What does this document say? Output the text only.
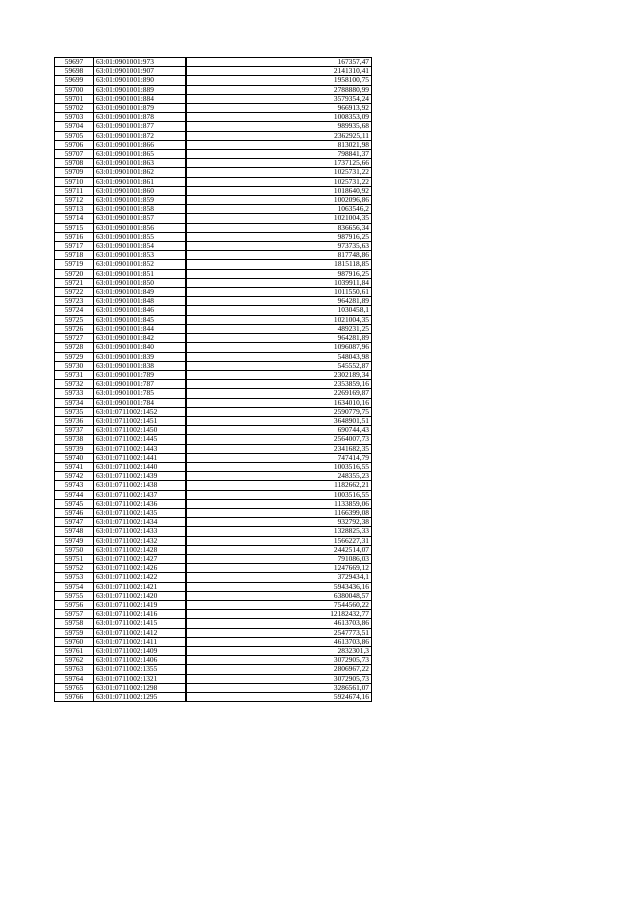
59697	63:01:0901001:973	167357,47
59698	63:01:0901001:907	2141310,41
59699	63:01:0901001:890	1958100,75
59700	63:01:0901001:889	2788880,99
59701	63:01:0901001:884	3579354,24
59702	63:01:0901001:879	966913,92
59703	63:01:0901001:878	1008353,09
59704	63:01:0901001:877	989935,68
59705	63:01:0901001:872	2362925,11
59706	63:01:0901001:866	813021,98
59707	63:01:0901001:865	798841,37
59708	63:01:0901001:863	1737125,66
59709	63:01:0901001:862	1025731,22
59710	63:01:0901001:861	1025731,22
59711	63:01:0901001:860	1018640,92
59712	63:01:0901001:859	1002096,86
59713	63:01:0901001:858	1063546,2
59714	63:01:0901001:857	1021004,35
59715	63:01:0901001:856	836656,34
59716	63:01:0901001:855	987916,25
59717	63:01:0901001:854	973735,63
59718	63:01:0901001:853	817748,86
59719	63:01:0901001:852	1815118,85
59720	63:01:0901001:851	987916,25
59721	63:01:0901001:850	1039911,84
59722	63:01:0901001:849	1011550,61
59723	63:01:0901001:848	964281,89
59724	63:01:0901001:846	1030458,1
59725	63:01:0901001:845	1021004,35
59726	63:01:0901001:844	489231,25
59727	63:01:0901001:842	964281,89
59728	63:01:0901001:840	1096087,96
59729	63:01:0901001:839	548043,98
59730	63:01:0901001:838	545552,87
59731	63:01:0901001:789	2302189,34
59732	63:01:0901001:787	2353859,16
59733	63:01:0901001:785	2269169,87
59734	63:01:0901001:784	1634010,16
59735	63:01:0711002:1452	2590779,75
59736	63:01:0711002:1451	3648901,51
59737	63:01:0711002:1450	690744,43
59738	63:01:0711002:1445	2564007,73
59739	63:01:0711002:1443	2341682,35
59740	63:01:0711002:1441	747414,79
59741	63:01:0711002:1440	1003516,55
59742	63:01:0711002:1439	248355,23
59743	63:01:0711002:1438	1182662,21
59744	63:01:0711002:1437	1003516,55
59745	63:01:0711002:1436	1133859,06
59746	63:01:0711002:1435	1166399,08
59747	63:01:0711002:1434	932792,38
59748	63:01:0711002:1433	1328825,33
59749	63:01:0711002:1432	1566227,31
59750	63:01:0711002:1428	2442514,07
59751	63:01:0711002:1427	791086,03
59752	63:01:0711002:1426	1247669,12
59753	63:01:0711002:1422	3729434,1
59754	63:01:0711002:1421	5943436,16
59755	63:01:0711002:1420	6380048,57
59756	63:01:0711002:1419	7544560,22
59757	63:01:0711002:1416	12182432,77
59758	63:01:0711002:1415	4613703,86
59759	63:01:0711002:1412	2547773,51
59760	63:01:0711002:1411	4613703,86
59761	63:01:0711002:1409	2832301,3
59762	63:01:0711002:1406	3072905,73
59763	63:01:0711002:1355	2806967,22
59764	63:01:0711002:1321	3072905,73
59765	63:01:0711002:1298	3286561,07
59766	63:01:0711002:1295	5924674,16
